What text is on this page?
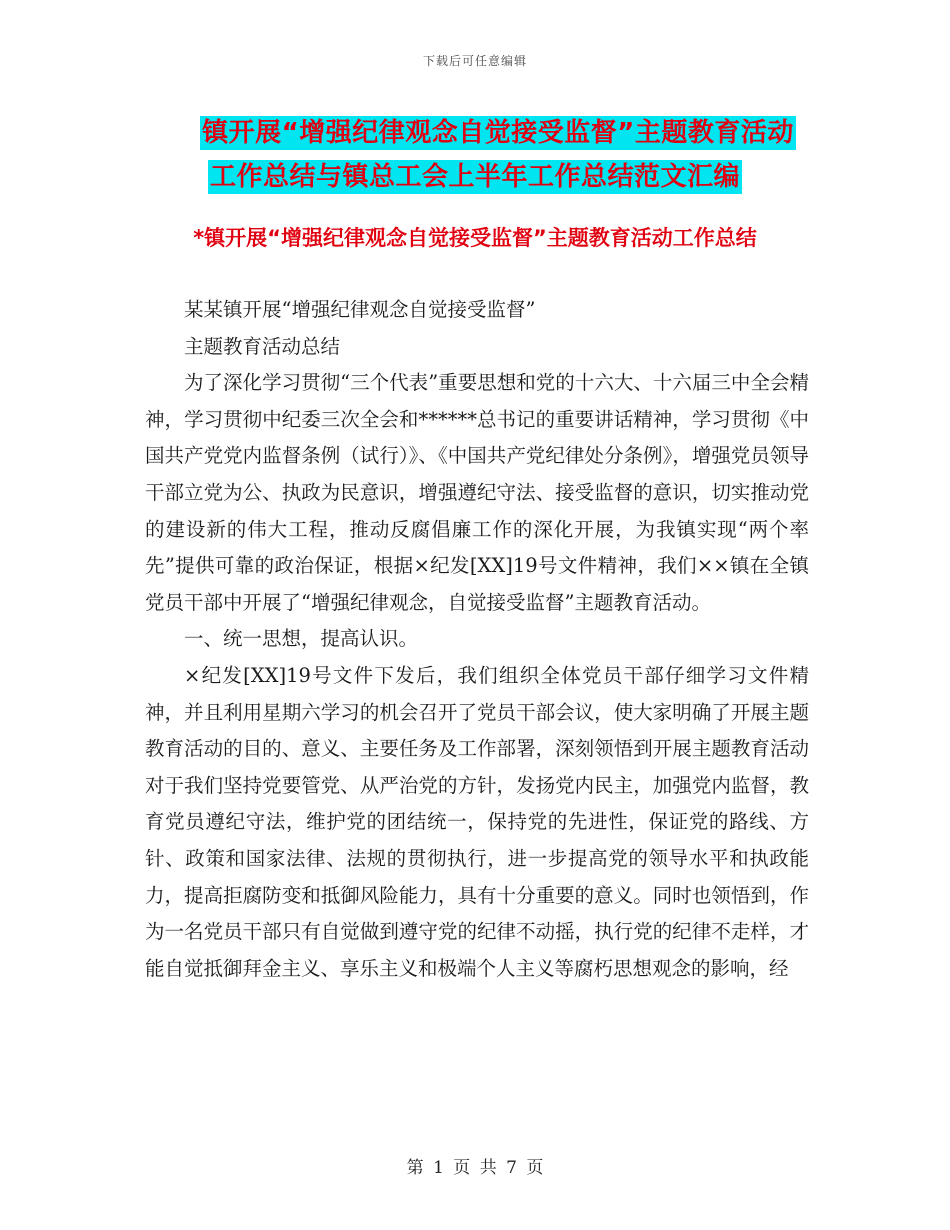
下载后可任意编辑
镇开展“增强纪律观念自觉接受监督”主题教育活动
工作总结与镇总工会上半年工作总结范文汇编
*镇开展“增强纪律观念自觉接受监督”主题教育活动工作总结

某某镇开展“增强纪律观念自觉接受监督”

主题教育活动总结

为了深化学习贯彻“三个代表”重要思想和党的十六大、十六届三中全会精神，学习贯彻中纪委三次全会和******总书记的重要讲话精神，学习贯彻《中国共产党党内监督条例（试行）》、《中国共产党纪律处分条例》，增强党员领导干部立党为公、执政为民意识，增强遵纪守法、接受监督的意识，切实推动党的建设新的伟大工程，推动反腐倡廉工作的深化开展，为我镇实现“两个率先”提供可靠的政治保证，根据×纪发[XX]19号文件精神，我们××镇在全镇党员干部中开展了“增强纪律观念，自觉接受监督”主题教育活动。

一、统一思想，提高认识。

×纪发[XX]19号文件下发后，我们组织全体党员干部仔细学习文件精神，并且利用星期六学习的机会召开了党员干部会议，使大家明确了开展主题教育活动的目的、意义、主要任务及工作部署，深刻领悟到开展主题教育活动对于我们坚持党要管党、从严治党的方针，发扬党内民主，加强党内监督，教育党员遵纪守法，维护党的团结统一，保持党的先进性，保证党的路线、方针、政策和国家法律、法规的贯彻执行，进一步提高党的领导水平和执政能力，提高拒腐防变和抵御风险能力，具有十分重要的意义。同时也领悟到，作为一名党员干部只有自觉做到遵守党的纪律不动摇，执行党的纪律不走样，才能自觉抵御拜金主义、享乐主义和极端个人主义等腐朽思想观念的影响，经

第 1 页 共 7 页
